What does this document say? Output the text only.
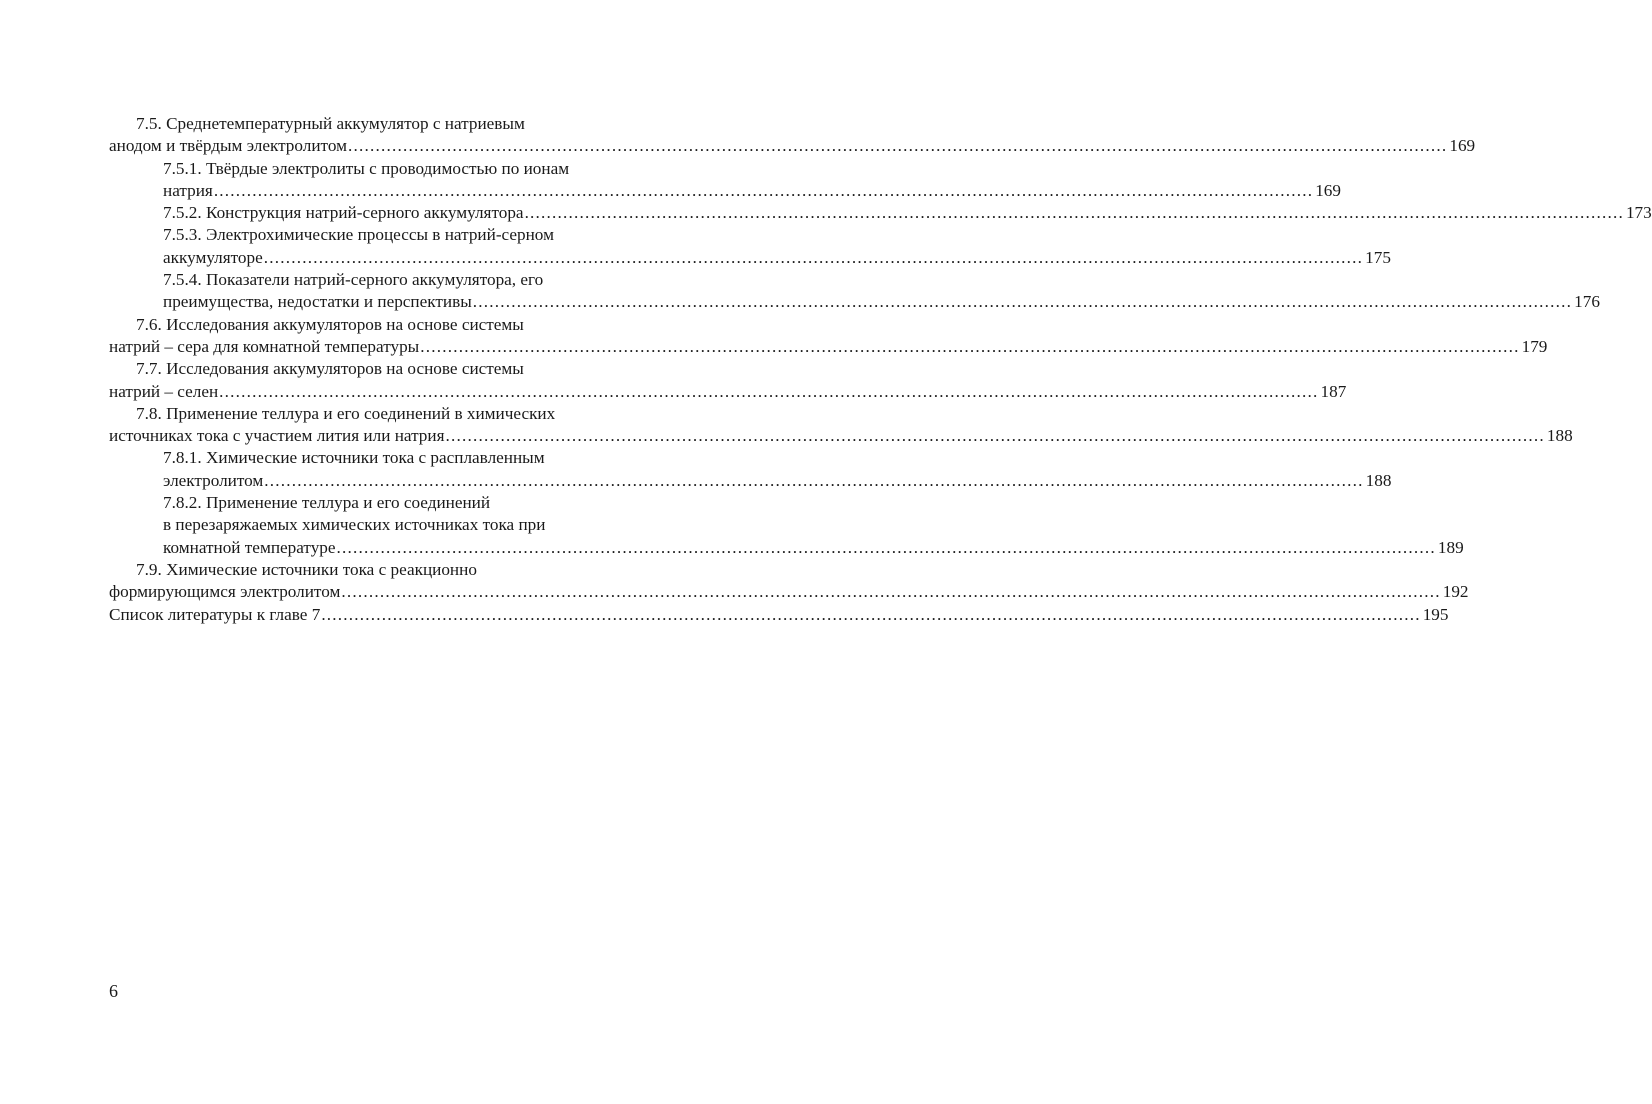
7.5. Среднетемпературный аккумулятор с натриевым
анодом и твёрдым электролитом ........................................................................................................................................................................................................ 169
7.5.1. Твёрдые электролиты с проводимостью по ионам
натрия ........................................................................................................................................................................................................ 169
7.5.2. Конструкция натрий-серного аккумулятора ........................................................................................................................................................................................................ 173
7.5.3. Электрохимические процессы в натрий-серном
аккумуляторе ........................................................................................................................................................................................................ 175
7.5.4. Показатели натрий-серного аккумулятора, его
преимущества, недостатки и перспективы ........................................................................................................................................................................................................ 176
7.6. Исследования аккумуляторов на основе системы
натрий – сера для комнатной температуры ........................................................................................................................................................................................................ 179
7.7. Исследования аккумуляторов на основе системы
натрий – селен ........................................................................................................................................................................................................ 187
7.8. Применение теллура и его соединений в химических
источниках тока с участием лития или натрия ........................................................................................................................................................................................................ 188
7.8.1. Химические источники тока с расплавленным
электролитом ........................................................................................................................................................................................................ 188
7.8.2. Применение теллура и его соединений
в перезаряжаемых химических источниках тока при
комнатной температуре ........................................................................................................................................................................................................ 189
7.9. Химические источники тока с реакционно
формирующимся электролитом ........................................................................................................................................................................................................ 192
Список литературы к главе 7 ........................................................................................................................................................................................................ 195
6
